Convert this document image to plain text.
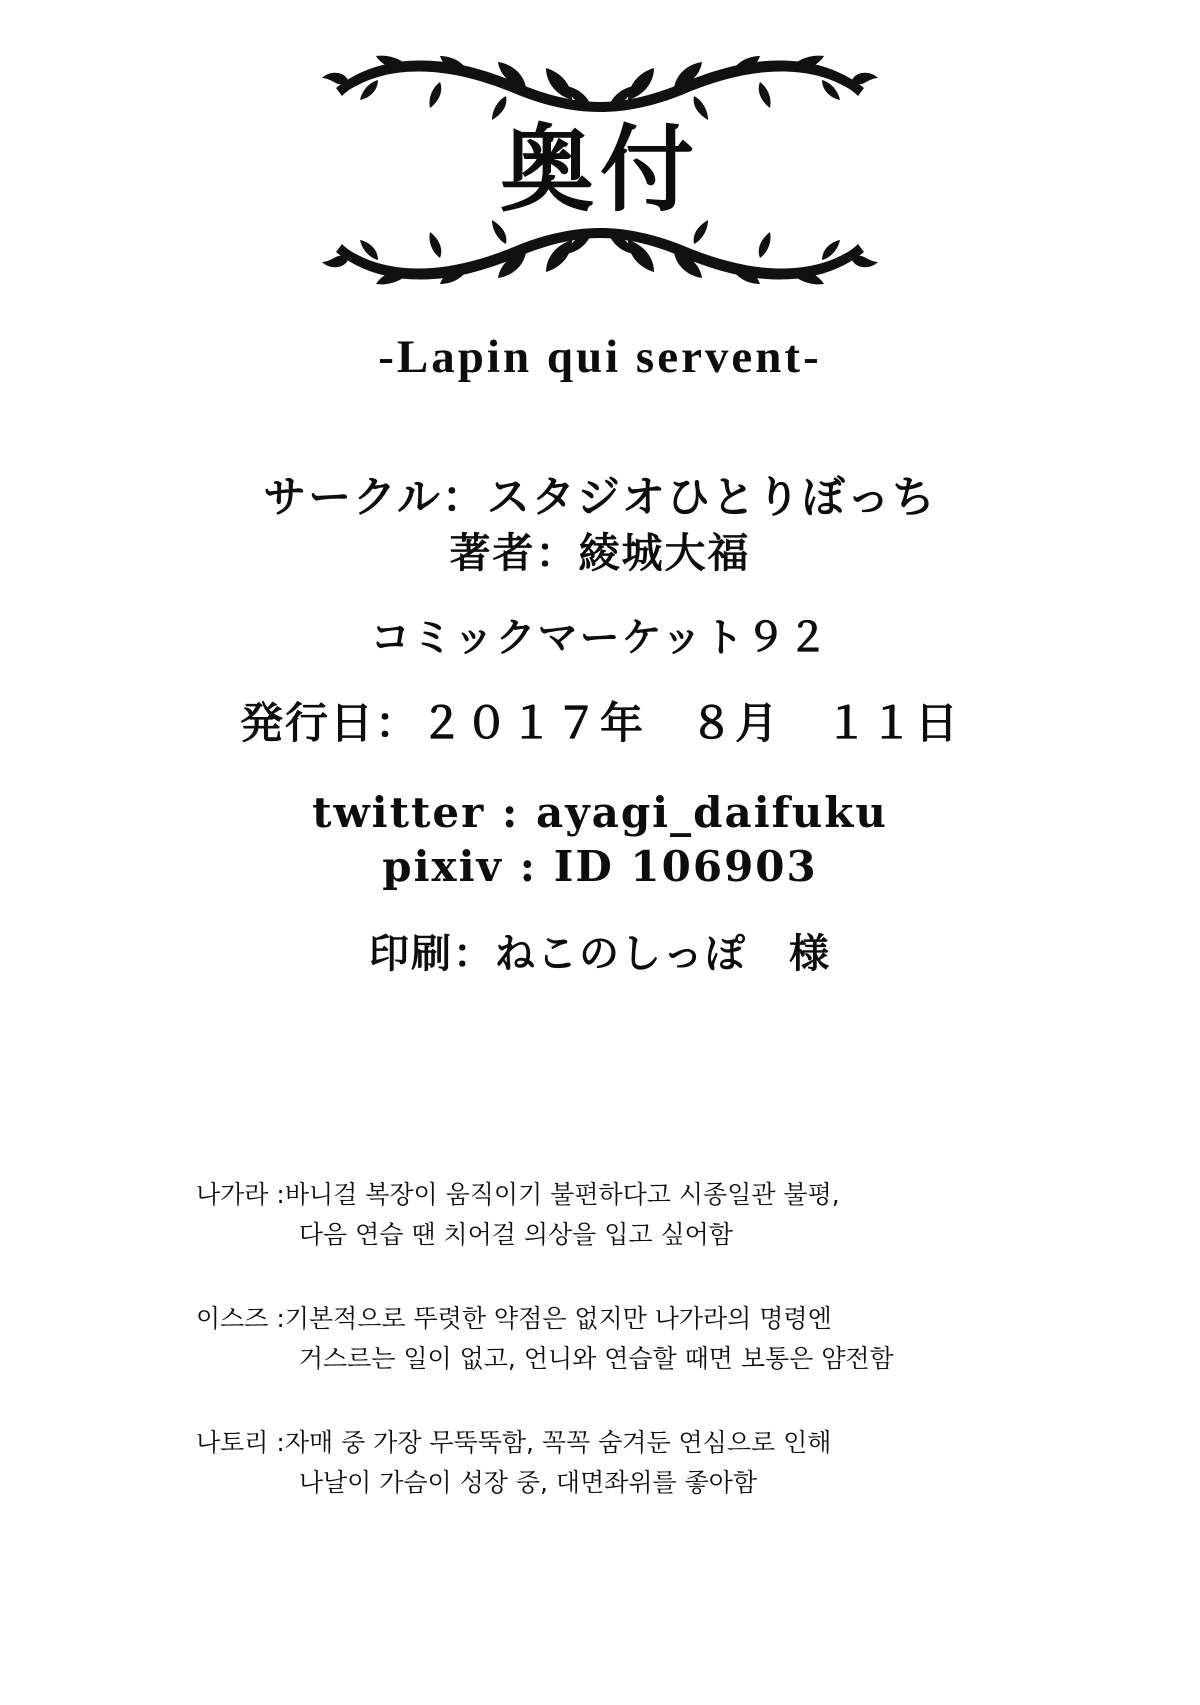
奥付
-Lapin qui servent-
サークル：スタジオひとりぼっち
著者：綾城大福
コミックマーケット９２
発行日：２０１７年　８月　１１日
twitter : ayagi_daifuku
pixiv : ID 106903
印刷：ねこのしっぽ　様
나가라 : 바니걸 복장이 움직이기 불편하다고 시종일관 불평,
다음 연습 땐 치어걸 의상을 입고 싶어함
이스즈 : 기본적으로 뚜렷한 약점은 없지만 나가라의 명령엔
거스르는 일이 없고, 언니와 연습할 때면 보통은 얌전함
나토리 : 자매 중 가장 무뚝뚝함, 꼭꼭 숨겨둔 연심으로 인해
나날이 가슴이 성장 중, 대면좌위를 좋아함
